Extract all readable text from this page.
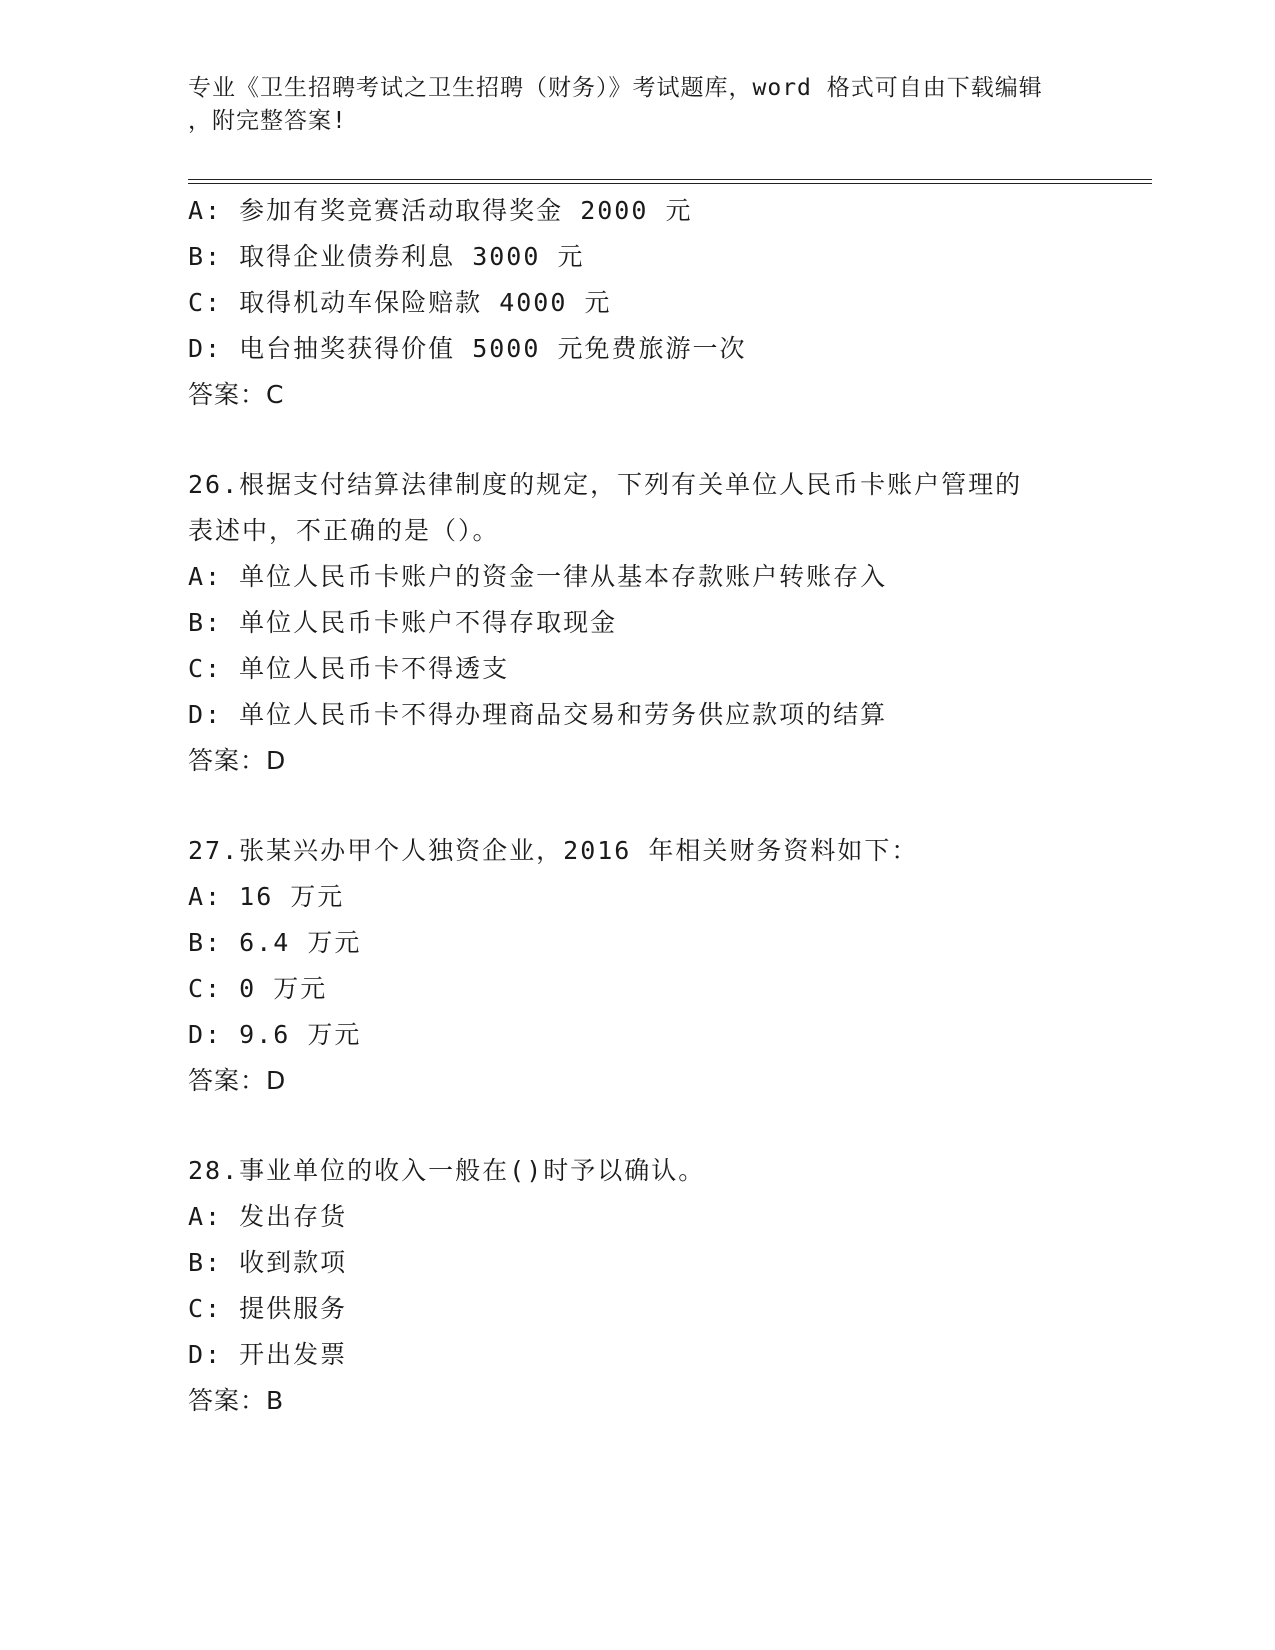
专业《卫生招聘考试之卫生招聘（财务）》考试题库，word 格式可自由下载编辑
，附完整答案!
A: 参加有奖竞赛活动取得奖金 2000 元
B: 取得企业债券利息 3000 元
C: 取得机动车保险赔款 4000 元
D: 电台抽奖获得价值 5000 元免费旅游一次
答案：C
26.根据支付结算法律制度的规定，下列有关单位人民币卡账户管理的
表述中，不正确的是（）。
A: 单位人民币卡账户的资金一律从基本存款账户转账存入
B: 单位人民币卡账户不得存取现金
C: 单位人民币卡不得透支
D: 单位人民币卡不得办理商品交易和劳务供应款项的结算
答案：D
27.张某兴办甲个人独资企业，2016 年相关财务资料如下：
A: 16 万元
B: 6.4 万元
C: 0 万元
D: 9.6 万元
答案：D
28.事业单位的收入一般在()时予以确认。
A: 发出存货
B: 收到款项
C: 提供服务
D: 开出发票
答案：B
